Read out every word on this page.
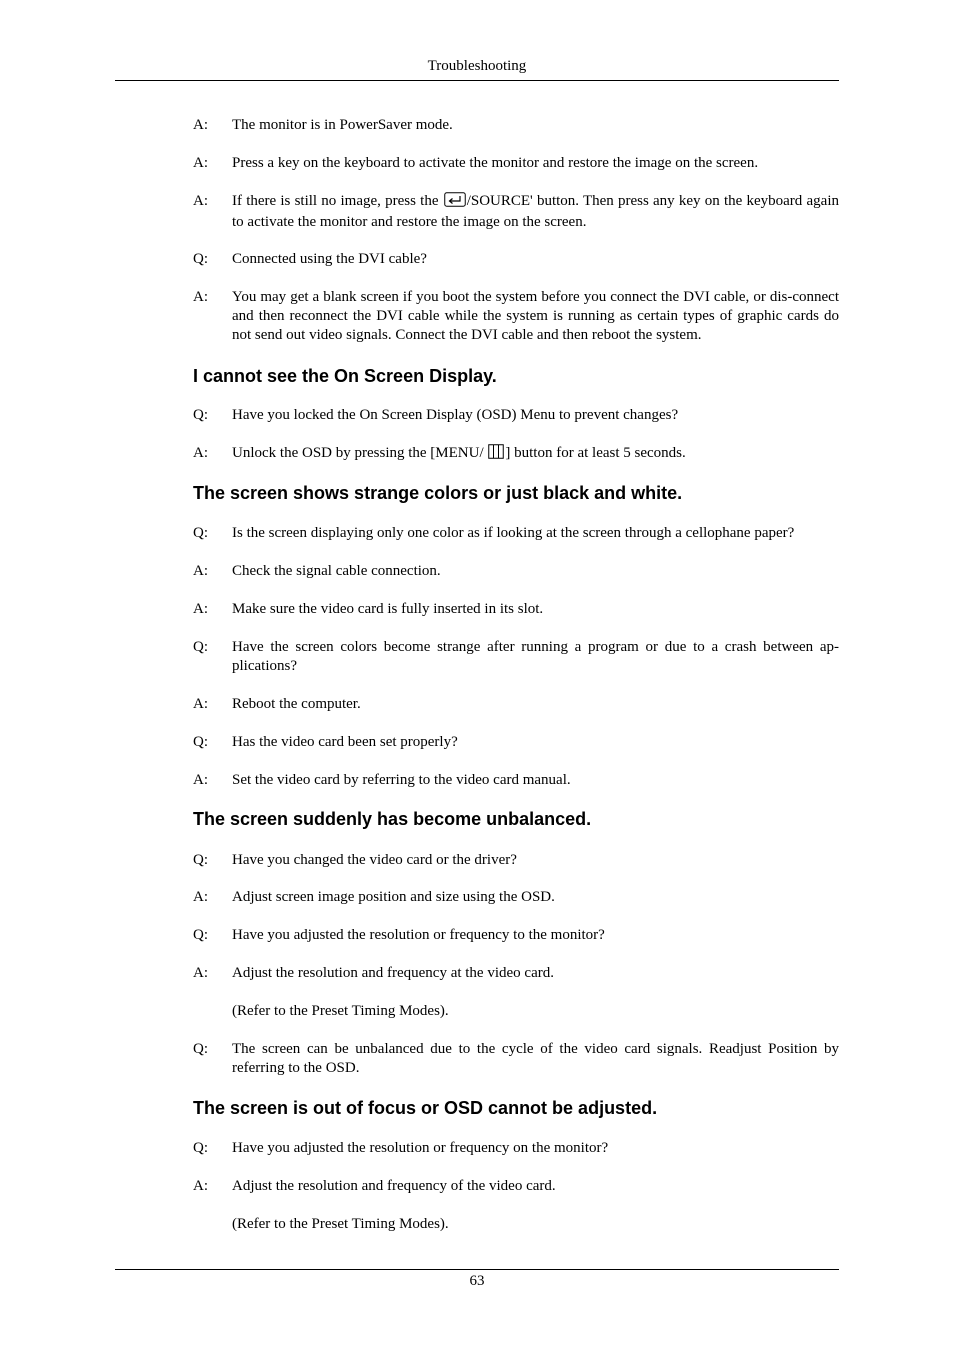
Troubleshooting
A:	The monitor is in PowerSaver mode.
A:	Press a key on the keyboard to activate the monitor and restore the image on the screen.
A:	If there is still no image, press the /SOURCE' button. Then press any key on the keyboard again to activate the monitor and restore the image on the screen.
Q:	Connected using the DVI cable?
A:	You may get a blank screen if you boot the system before you connect the DVI cable, or dis-connect and then reconnect the DVI cable while the system is running as certain types of graphic cards do not send out video signals. Connect the DVI cable and then reboot the system.
I cannot see the On Screen Display.
Q:	Have you locked the On Screen Display (OSD) Menu to prevent changes?
A:	Unlock the OSD by pressing the [MENU/ ] button for at least 5 seconds.
The screen shows strange colors or just black and white.
Q:	Is the screen displaying only one color as if looking at the screen through a cellophane paper?
A:	Check the signal cable connection.
A:	Make sure the video card is fully inserted in its slot.
Q:	Have the screen colors become strange after running a program or due to a crash between ap-plications?
A:	Reboot the computer.
Q:	Has the video card been set properly?
A:	Set the video card by referring to the video card manual.
The screen suddenly has become unbalanced.
Q:	Have you changed the video card or the driver?
A:	Adjust screen image position and size using the OSD.
Q:	Have you adjusted the resolution or frequency to the monitor?
A:	Adjust the resolution and frequency at the video card.
(Refer to the Preset Timing Modes).
Q:	The screen can be unbalanced due to the cycle of the video card signals. Readjust Position by referring to the OSD.
The screen is out of focus or OSD cannot be adjusted.
Q:	Have you adjusted the resolution or frequency on the monitor?
A:	Adjust the resolution and frequency of the video card.
(Refer to the Preset Timing Modes).
63
